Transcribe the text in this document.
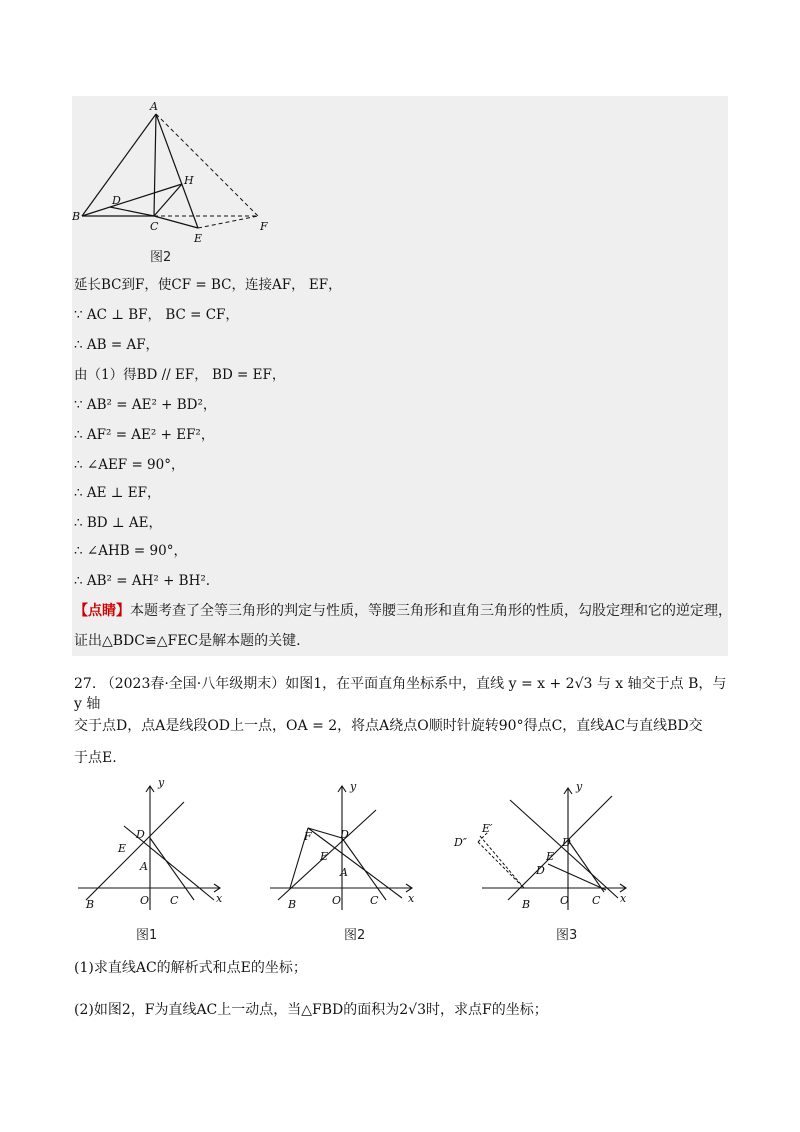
A
B
C
D
E
F
H
图2
延长BC到F，使CF = BC，连接AF， EF，
∵ AC ⊥ BF， BC = CF，
∴ AB = AF，
由（1）得BD // EF， BD = EF，
∵ AB² = AE² + BD²，
∴ AF² = AE² + EF²，
∴ ∠AEF = 90°，
∴ AE ⊥ EF，
∴ BD ⊥ AE，
∴ ∠AHB = 90°，
∴ AB² = AH² + BH².
【点睛】本题考查了全等三角形的判定与性质，等腰三角形和直角三角形的性质，勾股定理和它的逆定理，
证出△BDC≌△FEC是解本题的关键.
27. （2023春·全国·八年级期末）如图1，在平面直角坐标系中，直线 y = x + 2√3 与 x 轴交于点 B，与 y 轴
交于点D，点A是线段OD上一点，OA = 2，将点A绕点O顺时针旋转90°得点C，直线AC与直线BD交
于点E.
y
x
O
B	C
D
E
A
图1
y
x
O
B	C
D
E
A
F
图2
y
x
O
B	C
D
E
D
D″
E′
图3
(1)求直线AC的解析式和点E的坐标；
(2)如图2，F为直线AC上一动点，当△FBD的面积为2√3时，求点F的坐标；
